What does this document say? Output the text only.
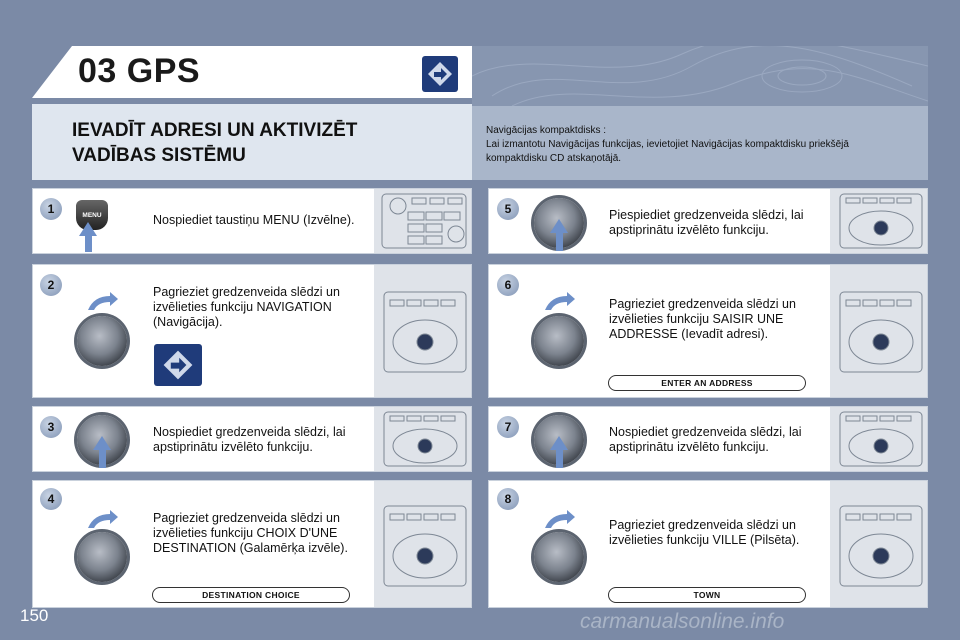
03 GPS
IEVADĪT ADRESI UN AKTIVIZĒT
VADĪBAS SISTĒMU
Navigācijas kompaktdisks :
Lai izmantotu Navigācijas funkcijas, ievietojiet Navigācijas kompaktdisku priekšējā
kompaktdisku CD atskaņotājā.
1
2
3
4
5
6
7
8
MENU	Nospiediet taustiņu MENU (Izvēlne).
Pagrieziet gredzenveida slēdzi un
izvēlieties funkciju NAVIGATION
(Navigācija).
Nospiediet gredzenveida slēdzi, lai
apstiprinātu izvēlēto funkciju.
Pagrieziet gredzenveida slēdzi un
izvēlieties funkciju CHOIX D'UNE
DESTINATION (Galamērķa izvēle).
Piespiediet gredzenveida slēdzi, lai
apstiprinātu izvēlēto funkciju.
Pagrieziet gredzenveida slēdzi un
izvēlieties funkciju SAISIR UNE
ADDRESSE (Ievadīt adresi).
Nospiediet gredzenveida slēdzi, lai
apstiprinātu izvēlēto funkciju.
Pagrieziet gredzenveida slēdzi un
izvēlieties funkciju VILLE (Pilsēta).
DESTINATION CHOICE
ENTER AN ADDRESS
TOWN
150	carmanualsonline.info
